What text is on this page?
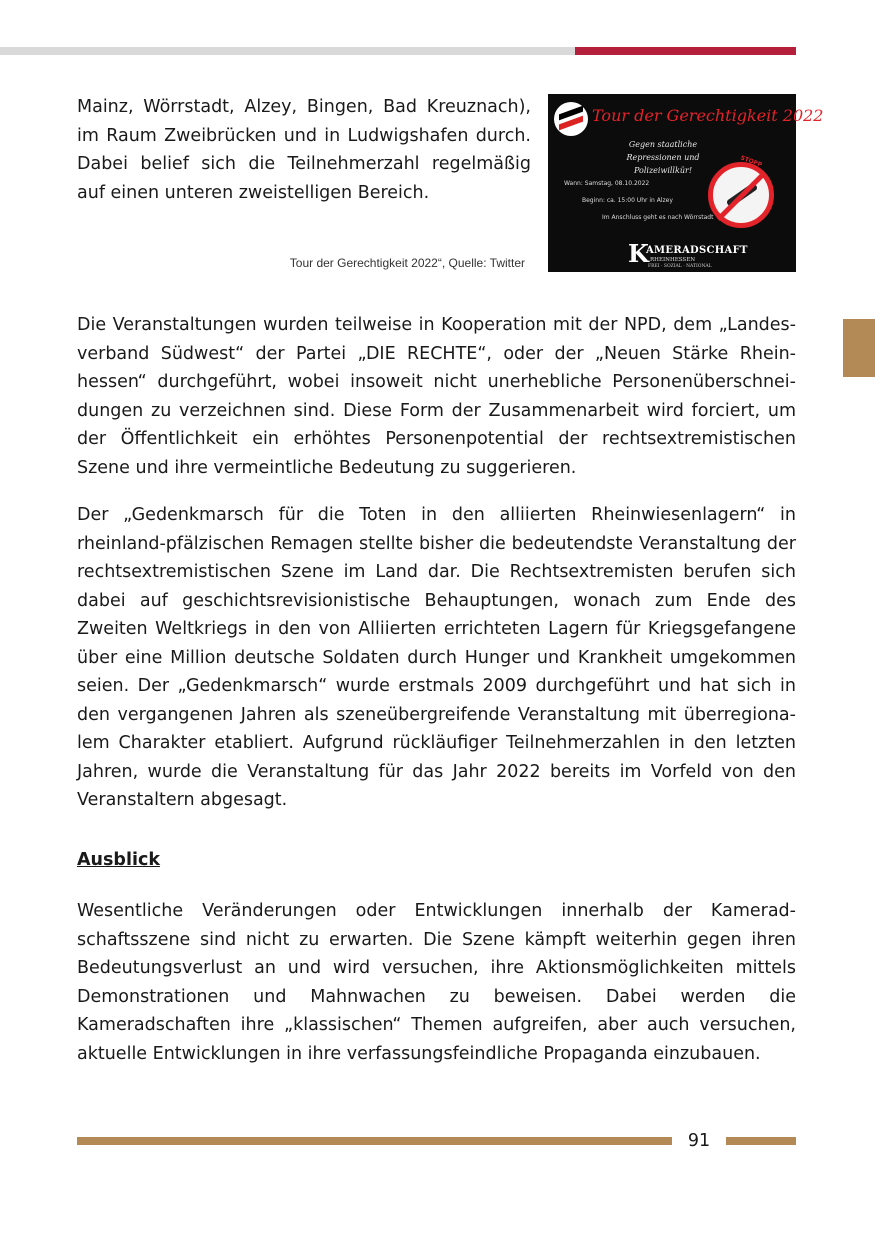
Mainz, Wörrstadt, Alzey, Bingen, Bad Kreuznach),
im Raum Zweibrücken und in Ludwigshafen durch.
Dabei belief sich die Teilnehmerzahl regelmäßig
auf einen unteren zweistelligen Bereich.
Tour der Gerechtigkeit 2022
Gegen staatliche Repressionen und
Polizeiwillkür!
Wann: Samstag, 08.10.2022
Beginn: ca. 15:00 Uhr in Alzey
Im Anschluss geht es nach Wörrstadt
STOPP
K
AMERADSCHAFT
RHEINHESSEN
FREI · SOZIAL · NATIONAL
Tour der Gerechtigkeit 2022“, Quelle: Twitter

Die Veranstaltungen wurden teilweise in Kooperation mit der NPD, dem „Landesverband Südwest“ der Partei „DIE RECHTE“, oder der „Neuen Stärke Rheinhessen“ durchgeführt, wobei insoweit nicht unerhebliche Personenüberschneidungen zu verzeichnen sind. Diese Form der Zusammenarbeit wird forciert, um der Öffentlichkeit ein erhöhtes Personenpotential der rechtsextremistischen Szene und ihre vermeintliche Bedeutung zu suggerieren.

Der „Gedenkmarsch für die Toten in den alliierten Rheinwiesenlagern“ in rheinland-pfälzischen Remagen stellte bisher die bedeutendste Veranstaltung der rechtsextremistischen Szene im Land dar. Die Rechtsextremisten berufen sich dabei auf geschichtsrevisionistische Behauptungen, wonach zum Ende des Zweiten Weltkriegs in den von Alliierten errichteten Lagern für Kriegsgefangene über eine Million deutsche Soldaten durch Hunger und Krankheit umgekommen seien. Der „Gedenkmarsch“ wurde erstmals 2009 durchgeführt und hat sich in den vergangenen Jahren als szeneübergreifende Veranstaltung mit überregionalem Charakter etabliert. Aufgrund rückläufiger Teilnehmerzahlen in den letzten Jahren, wurde die Veranstaltung für das Jahr 2022 bereits im Vorfeld von den Veranstaltern abgesagt.

Ausblick

Wesentliche Veränderungen oder Entwicklungen innerhalb der Kameradschaftsszene sind nicht zu erwarten. Die Szene kämpft weiterhin gegen ihren Bedeutungsverlust an und wird versuchen, ihre Aktionsmöglichkeiten mittels Demonstrationen und Mahnwachen zu beweisen. Dabei werden die Kameradschaften ihre „klassischen“ Themen aufgreifen, aber auch versuchen, aktuelle Entwicklungen in ihre verfassungsfeindliche Propaganda einzubauen.

91
